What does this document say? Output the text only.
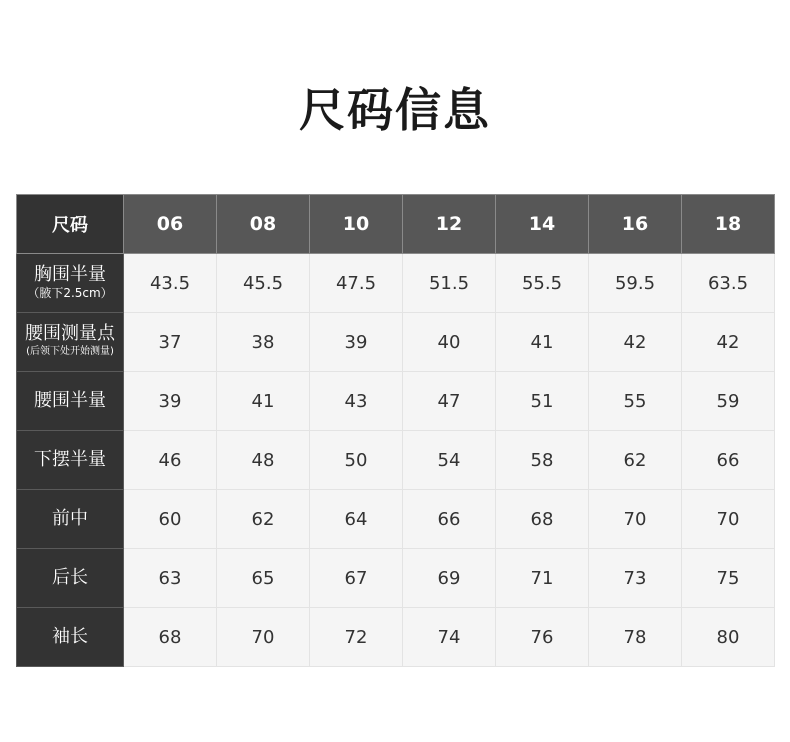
尺码信息
尺码	06	08	10	12	14	16	18
胸围半量
（腋下2.5cm）	43.5	45.5	47.5	51.5	55.5	59.5	63.5
腰围测量点
(后领下处开始测量)	37	38	39	40	41	42	42
腰围半量	39	41	43	47	51	55	59
下摆半量	46	48	50	54	58	62	66
前中	60	62	64	66	68	70	70
后长	63	65	67	69	71	73	75
袖长	68	70	72	74	76	78	80
